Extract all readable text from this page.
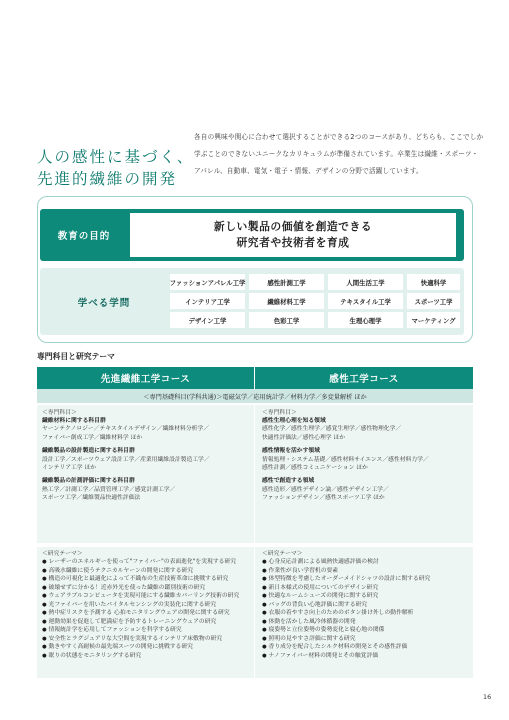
人の感性に基づく、
先進的繊維の開発
各自の興味や関心に合わせて選択することができる2つのコースがあり、どちらも、ここでしか学ぶことのできないユニークなカリキュラムが準備されています。卒業生は繊維・スポーツ・アパレル、自動車、電気・電子・情報、デザインの分野で活躍しています。
教育の目的
新しい製品の価値を創造できる
研究者や技術者を育成
学べる学問
ファッションアパレル工学	感性計測工学	人間生活工学	快適科学
インテリア工学	繊維材料工学	テキスタイル工学	スポーツ工学
デザイン工学	色彩工学	生理心理学	マーケティング
専門科目と研究テーマ
先進繊維工学コース	感性工学コース
＜専門基礎科目(学科共通)＞電磁気学／応用統計学／材料力学／多変量解析 ほか
＜専門科目＞
繊維材料に関する科目群
ヤーンテクノロジー／テキスタイルデザイン／繊維材料分析学／
ファイバー創成工学／繊維材料学 ほか
繊維製品の設計製造に関する科目群
設計工学／スポーツウェア設計工学／産業用繊維設計製造工学／
インテリア工学 ほか
繊維製品の計測評価に関する科目群
熱工学／計測工学／品質管理工学／感覚計測工学／
スポーツ工学／繊維製品快適性評価法
＜専門科目＞
感性生理心理を知る領域
感性化学／感性生理学／感覚生理学／感性物理化学／
快適性評価法／感性心理学 ほか
感性情報を活かす領域
情報処理・システム基礎／感性材料サイエンス／感性材料力学／
感性計測／感性コミュニケーション ほか
感性で創造する領域
感性造形／感性デザイン論／感性デザイン工学／
ファッションデザイン／感性スポーツ工学 ほか
＜研究テーマ＞
● レーザーのエネルギーを使って"ファイバー"の表面進化"を実現する研究
● 高吸水繊維に使うテクニカルヤーンの開発に関する研究
● 構造の可視化と最適化によって不織布の生産技術革命に挑戦する研究
● 破壊せずに分かる！近赤外光を使った繊維の鑑別技術の研究
● ウェアラブルコンピュータを実現可能にする繊維カバーリング技術の研究
● 光ファイバーを用いたバイタルセンシングの実装化に関する研究
● 熱中症リスクを予測する 心拍モニタリングウェアの開発に関する研究
● 運動効果を促進して肥満症を予防するトレーニングウェアの研究
● 情報統計学を応用してファッションを科学する研究
● 安全性とラグジュアリな大空間を実現するインテリア床敷物の研究
● 動きやすく高耐候の最先端スーツの開発に挑戦する研究
● 眠りの状態をモニタリングする研究
＜研究テーマ＞
● 心身反応計測による風熱快適感評価の検討
● 作業性が良い学習机の要素
● 体型特徴を考慮したオーダーメイドシャツの設計に関する研究
● 新日本様式の使用についてのデザイン研究
● 快適なルームシューズの開発に関する研究
● バッグの背負い心地評価に関する研究
● 衣服の着やすさ向上のためのボタン掛け外しの動作解析
● 体動を活かした風冷体循器の開発
● 寝姿勢と立位姿勢の姿勢変化と寝心地の関係
● 照明の見やすさ評価に関する研究
● 香り成分を配合したシルク材料の開発とその感性評価
● ナノファイバー材料の開発とその触覚評価
16
